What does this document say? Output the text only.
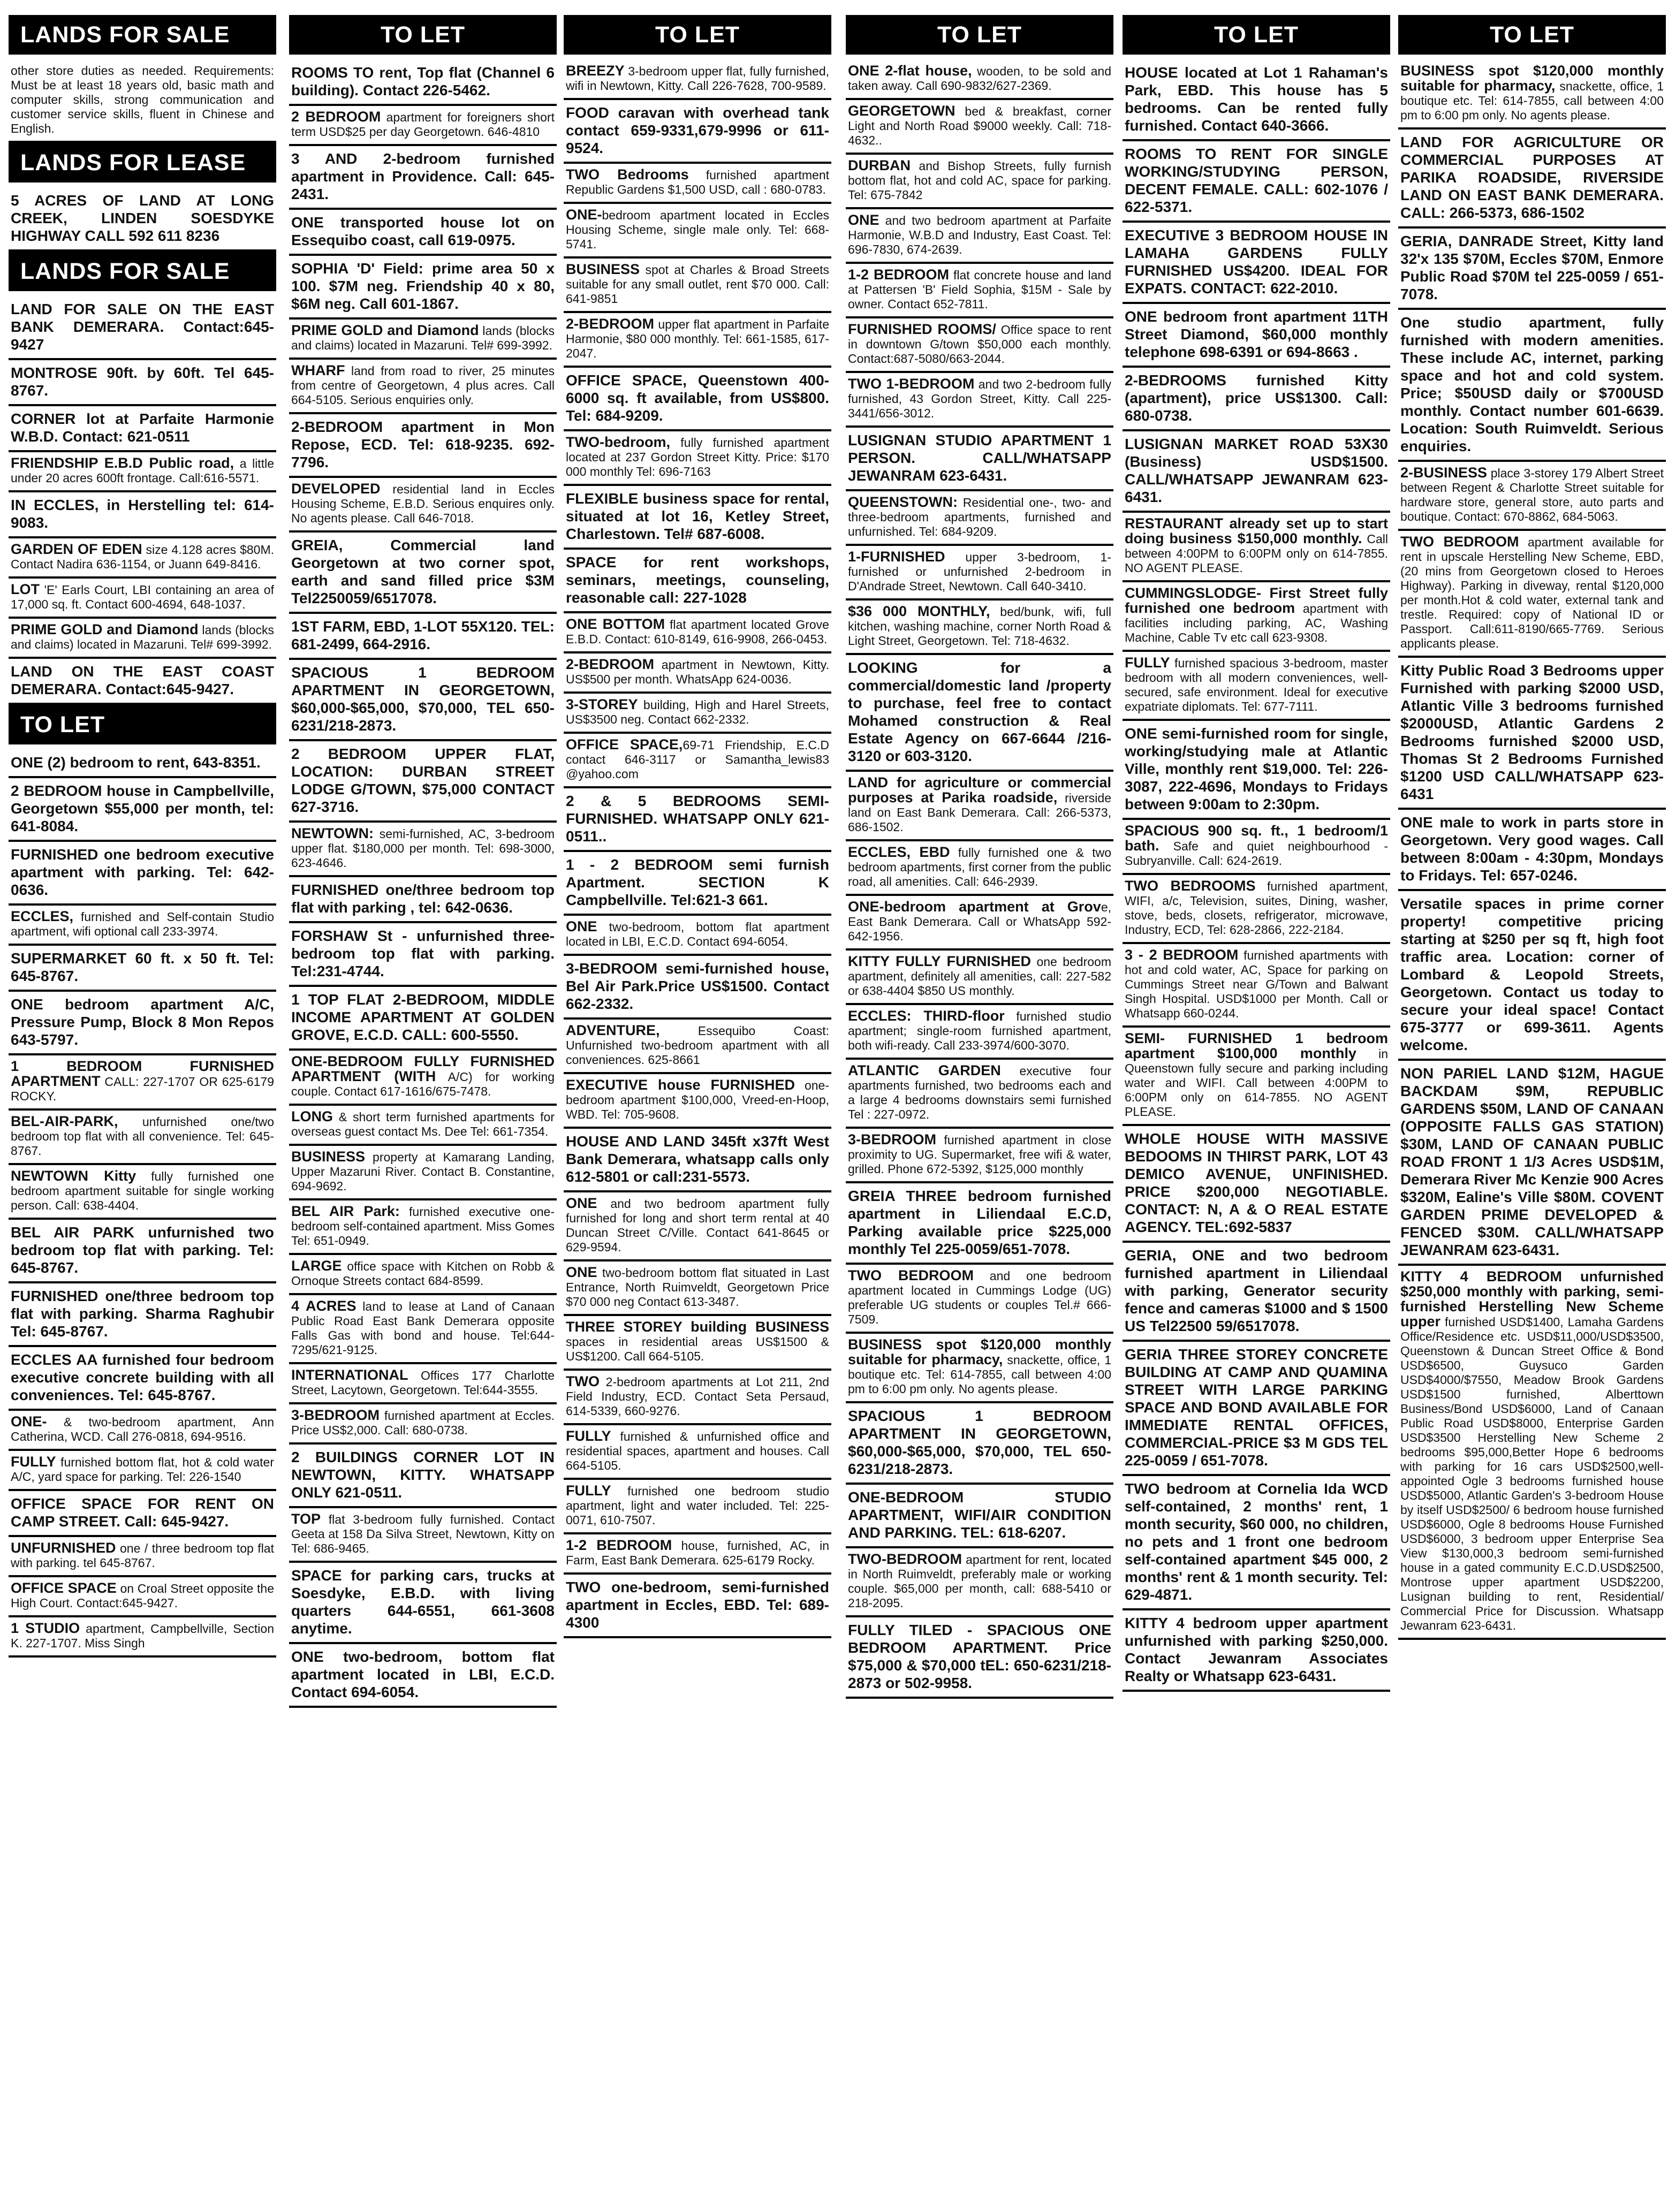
LANDS FOR SALE
other store duties as needed. Requirements: Must be at least 18 years old, basic math and computer skills, strong communication and customer service skills, fluent in Chinese and English.
LANDS FOR LEASE
5 ACRES OF LAND AT LONG CREEK, LINDEN SOESDYKE HIGHWAY CALL 592 611 8236
LANDS FOR SALE
LAND FOR SALE ON THE EAST BANK DEMERARA. Contact:645-9427
MONTROSE 90ft. by 60ft. Tel 645-8767.
CORNER lot at Parfaite Harmonie W.B.D. Contact: 621-0511
FRIENDSHIP E.B.D Public road, a little under 20 acres 600ft frontage. Call:616-5571.
IN ECCLES, in Herstelling tel: 614-9083.
GARDEN OF EDEN size 4.128 acres $80M. Contact Nadira 636-1154, or Juann 649-8416.
LOT 'E' Earls Court, LBI containing an area of 17,000 sq. ft. Contact 600-4694, 648-1037.
PRIME GOLD and Diamond lands (blocks and claims) located in Mazaruni. Tel# 699-3992.
LAND ON THE EAST COAST DEMERARA. Contact:645-9427.
TO LET
ONE (2) bedroom to rent, 643-8351.
2 BEDROOM house in Campbellville, Georgetown $55,000 per month, tel: 641-8084.
FURNISHED one bedroom executive apartment with parking. Tel: 642-0636.
ECCLES, furnished and Self-contain Studio apartment, wifi optional call 233-3974.
SUPERMARKET 60 ft. x 50 ft. Tel: 645-8767.
ONE bedroom apartment A/C, Pressure Pump, Block 8 Mon Repos 643-5797.
1 BEDROOM FURNISHED APARTMENT CALL: 227-1707 OR 625-6179 ROCKY.
BEL-AIR-PARK, unfurnished one/two bedroom top flat with all convenience. Tel: 645-8767.
NEWTOWN Kitty fully furnished one bedroom apartment suitable for single working person. Call: 638-4404.
BEL AIR PARK unfurnished two bedroom top flat with parking. Tel: 645-8767.
FURNISHED one/three bedroom top flat with parking. Sharma Raghubir Tel: 645-8767.
ECCLES AA furnished four bedroom executive concrete building with all conveniences. Tel: 645-8767.
ONE- & two-bedroom apartment, Ann Catherina, WCD. Call 276-0818, 694-9516.
FULLY furnished bottom flat, hot & cold water A/C, yard space for parking. Tel: 226-1540
OFFICE SPACE FOR RENT ON CAMP STREET. Call: 645-9427.
UNFURNISHED one / three bedroom top flat with parking. tel 645-8767.
OFFICE SPACE on Croal Street opposite the High Court. Contact:645-9427.
1 STUDIO apartment, Campbellville, Section K. 227-1707. Miss Singh
TO LET
ROOMS TO rent, Top flat (Channel 6 building). Contact 226-5462.
2 BEDROOM apartment for foreigners short term USD$25 per day Georgetown. 646-4810
3 AND 2-bedroom furnished apartment in Providence. Call: 645-2431.
ONE transported house lot on Essequibo coast, call 619-0975.
SOPHIA 'D' Field: prime area 50 x 100. $7M neg. Friendship 40 x 80, $6M neg. Call 601-1867.
PRIME GOLD and Diamond lands (blocks and claims) located in Mazaruni. Tel# 699-3992.
WHARF land from road to river, 25 minutes from centre of Georgetown, 4 plus acres. Call 664-5105. Serious enquiries only.
2-BEDROOM apartment in Mon Repose, ECD. Tel: 618-9235. 692-7796.
DEVELOPED residential land in Eccles Housing Scheme, E.B.D. Serious enquires only. No agents please. Call 646-7018.
GREIA, Commercial land Georgetown at two corner spot, earth and sand filled price $3M Tel2250059/6517078.
1ST FARM, EBD, 1-LOT 55X120. TEL: 681-2499, 664-2916.
SPACIOUS 1 BEDROOM APARTMENT IN GEORGETOWN, $60,000-$65,000, $70,000, TEL 650-6231/218-2873.
2 BEDROOM UPPER FLAT, LOCATION: DURBAN STREET LODGE G/TOWN, $75,000 CONTACT 627-3716.
NEWTOWN: semi-furnished, AC, 3-bedroom upper flat. $180,000 per month. Tel: 698-3000, 623-4646.
FURNISHED one/three bedroom top flat with parking , tel: 642-0636.
FORSHAW St - unfurnished three-bedroom top flat with parking. Tel:231-4744.
1 TOP FLAT 2-BEDROOM, MIDDLE INCOME APARTMENT AT GOLDEN GROVE, E.C.D. CALL: 600-5550.
ONE-BEDROOM FULLY FURNISHED APARTMENT (WITH A/C) for working couple. Contact 617-1616/675-7478.
LONG & short term furnished apartments for overseas guest contact Ms. Dee Tel: 661-7354.
BUSINESS property at Kamarang Landing, Upper Mazaruni River. Contact B. Constantine, 694-9692.
BEL AIR Park: furnished executive one-bedroom self-contained apartment. Miss Gomes Tel: 651-0949.
LARGE office space with Kitchen on Robb & Ornoque Streets contact 684-8599.
4 ACRES land to lease at Land of Canaan Public Road East Bank Demerara opposite Falls Gas with bond and house. Tel:644-7295/621-9125.
INTERNATIONAL Offices 177 Charlotte Street, Lacytown, Georgetown. Tel:644-3555.
3-BEDROOM furnished apartment at Eccles. Price US$2,000. Call: 680-0738.
2 BUILDINGS CORNER LOT IN NEWTOWN, KITTY. WHATSAPP ONLY 621-0511.
TOP flat 3-bedroom fully furnished. Contact Geeta at 158 Da Silva Street, Newtown, Kitty on Tel: 686-9465.
SPACE for parking cars, trucks at Soesdyke, E.B.D. with living quarters 644-6551, 661-3608 anytime.
ONE two-bedroom, bottom flat apartment located in LBI, E.C.D. Contact 694-6054.
TO LET
BREEZY 3-bedroom upper flat, fully furnished, wifi in Newtown, Kitty. Call 226-7628, 700-9589.
FOOD caravan with overhead tank contact 659-9331,679-9996 or 611-9524.
TWO Bedrooms furnished apartment Republic Gardens $1,500 USD, call : 680-0783.
ONE-bedroom apartment located in Eccles Housing Scheme, single male only. Tel: 668-5741.
BUSINESS spot at Charles & Broad Streets suitable for any small outlet, rent $70 000. Call: 641-9851
2-BEDROOM upper flat apartment in Parfaite Harmonie, $80 000 monthly. Tel: 661-1585, 617-2047.
OFFICE SPACE, Queenstown 400-6000 sq. ft available, from US$800. Tel: 684-9209.
TWO-bedroom, fully furnished apartment located at 237 Gordon Street Kitty. Price: $170 000 monthly Tel: 696-7163
FLEXIBLE business space for rental, situated at lot 16, Ketley Street, Charlestown. Tel# 687-6008.
SPACE for rent workshops, seminars, meetings, counseling, reasonable call: 227-1028
ONE BOTTOM flat apartment located Grove E.B.D. Contact: 610-8149, 616-9908, 266-0453.
2-BEDROOM apartment in Newtown, Kitty. US$500 per month. WhatsApp 624-0036.
3-STOREY building, High and Harel Streets, US$3500 neg. Contact 662-2332.
OFFICE SPACE,69-71 Friendship, E.C.D contact 646-3117 or Samantha_lewis83 @yahoo.com
2 & 5 BEDROOMS SEMI-FURNISHED. WHATSAPP ONLY 621-0511..
1 - 2 BEDROOM semi furnish Apartment. SECTION K Campbellville. Tel:621-3 661.
ONE two-bedroom, bottom flat apartment located in LBI, E.C.D. Contact 694-6054.
3-BEDROOM semi-furnished house, Bel Air Park.Price US$1500. Contact 662-2332.
ADVENTURE, Essequibo Coast: Unfurnished two-bedroom apartment with all conveniences. 625-8661
EXECUTIVE house FURNISHED one-bedroom apartment $100,000, Vreed-en-Hoop, WBD. Tel: 705-9608.
HOUSE AND LAND 345ft x37ft West Bank Demerara, whatsapp calls only 612-5801 or call:231-5573.
ONE and two bedroom apartment fully furnished for long and short term rental at 40 Duncan Street C/Ville. Contact 641-8645 or 629-9594.
ONE two-bedroom bottom flat situated in Last Entrance, North Ruimveldt, Georgetown Price $70 000 neg Contact 613-3487.
THREE STOREY building BUSINESS spaces in residential areas US$1500 & US$1200. Call 664-5105.
TWO 2-bedroom apartments at Lot 211, 2nd Field Industry, ECD. Contact Seta Persaud, 614-5339, 660-9276.
FULLY furnished & unfurnished office and residential spaces, apartment and houses. Call 664-5105.
FULLY furnished one bedroom studio apartment, light and water included. Tel: 225-0071, 610-7507.
1-2 BEDROOM house, furnished, AC, in Farm, East Bank Demerara. 625-6179 Rocky.
TWO one-bedroom, semi-furnished apartment in Eccles, EBD. Tel: 689-4300
TO LET
ONE 2-flat house, wooden, to be sold and taken away. Call 690-9832/627-2369.
GEORGETOWN bed & breakfast, corner Light and North Road $9000 weekly. Call: 718-4632..
DURBAN and Bishop Streets, fully furnish bottom flat, hot and cold AC, space for parking. Tel: 675-7842
ONE and two bedroom apartment at Parfaite Harmonie, W.B.D and Industry, East Coast. Tel: 696-7830, 674-2639.
1-2 BEDROOM flat concrete house and land at Pattersen 'B' Field Sophia, $15M - Sale by owner. Contact 652-7811.
FURNISHED ROOMS/ Office space to rent in downtown G/town $50,000 each monthly. Contact:687-5080/663-2044.
TWO 1-BEDROOM and two 2-bedroom fully furnished, 43 Gordon Street, Kitty. Call 225- 3441/656-3012.
LUSIGNAN STUDIO APARTMENT 1 PERSON. CALL/WHATSAPP JEWANRAM 623-6431.
QUEENSTOWN: Residential one-, two- and three-bedroom apartments, furnished and unfurnished. Tel: 684-9209.
1-FURNISHED upper 3-bedroom, 1-furnished or unfurnished 2-bedroom in D'Andrade Street, Newtown. Call 640-3410.
$36 000 MONTHLY, bed/bunk, wifi, full kitchen, washing machine, corner North Road & Light Street, Georgetown. Tel: 718-4632.
LOOKING for a commercial/domestic land /property to purchase, feel free to contact Mohamed construction & Real Estate Agency on 667-6644 /216-3120 or 603-3120.
LAND for agriculture or commercial purposes at Parika roadside, riverside land on East Bank Demerara. Call: 266-5373, 686-1502.
ECCLES, EBD fully furnished one & two bedroom apartments, first corner from the public road, all amenities. Call: 646-2939.
ONE-bedroom apartment at Grove, East Bank Demerara. Call or WhatsApp 592-642-1956.
KITTY FULLY FURNISHED one bedroom apartment, definitely all amenities, call: 227-582 or 638-4404 $850 US monthly.
ECCLES: THIRD-floor furnished studio apartment; single-room furnished apartment, both wifi-ready. Call 233-3974/600-3070.
ATLANTIC GARDEN executive four apartments furnished, two bedrooms each and a large 4 bedrooms downstairs semi furnished Tel : 227-0972.
3-BEDROOM furnished apartment in close proximity to UG. Supermarket, free wifi & water, grilled. Phone 672-5392, $125,000 monthly
GREIA THREE bedroom furnished apartment in Liliendaal E.C.D, Parking available price $225,000 monthly Tel 225-0059/651-7078.
TWO BEDROOM and one bedroom apartment located in Cummings Lodge (UG) preferable UG students or couples Tel.# 666-7509.
BUSINESS spot $120,000 monthly suitable for pharmacy, snackette, office, 1 boutique etc. Tel: 614-7855, call between 4:00 pm to 6:00 pm only. No agents please.
SPACIOUS 1 BEDROOM APARTMENT IN GEORGETOWN, $60,000-$65,000, $70,000, TEL 650-6231/218-2873.
ONE-BEDROOM STUDIO APARTMENT, WIFI/AIR CONDITION AND PARKING. TEL: 618-6207.
TWO-BEDROOM apartment for rent, located in North Ruimveldt, preferably male or working couple. $65,000 per month, call: 688-5410 or 218-2095.
FULLY TILED - SPACIOUS ONE BEDROOM APARTMENT. Price $75,000 & $70,000 tEL: 650-6231/218-2873 or 502-9958.
TO LET
HOUSE located at Lot 1 Rahaman's Park, EBD. This house has 5 bedrooms. Can be rented fully furnished. Contact 640-3666.
ROOMS TO RENT FOR SINGLE WORKING/STUDYING PERSON, DECENT FEMALE. CALL: 602-1076 / 622-5371.
EXECUTIVE 3 BEDROOM HOUSE IN LAMAHA GARDENS FULLY FURNISHED US$4200. IDEAL FOR EXPATS. CONTACT: 622-2010.
ONE bedroom front apartment 11TH Street Diamond, $60,000 monthly telephone 698-6391 or 694-8663 .
2-BEDROOMS furnished Kitty (apartment), price US$1300. Call: 680-0738.
LUSIGNAN MARKET ROAD 53X30 (Business) USD$1500. CALL/WHATSAPP JEWANRAM 623-6431.
RESTAURANT already set up to start doing business $150,000 monthly. Call between 4:00PM to 6:00PM only on 614-7855. NO AGENT PLEASE.
CUMMINGSLODGE- First Street fully furnished one bedroom apartment with facilities including parking, AC, Washing Machine, Cable Tv etc call 623-9308.
FULLY furnished spacious 3-bedroom, master bedroom with all modern conveniences, well-secured, safe environment. Ideal for executive expatriate diplomats. Tel: 677-7111.
ONE semi-furnished room for single, working/studying male at Atlantic Ville, monthly rent $19,000. Tel: 226-3087, 222-4696, Mondays to Fridays between 9:00am to 2:30pm.
SPACIOUS 900 sq. ft., 1 bedroom/1 bath. Safe and quiet neighbourhood - Subryanville. Call: 624-2619.
TWO BEDROOMS furnished apartment, WIFI, a/c, Television, suites, Dining, washer, stove, beds, closets, refrigerator, microwave, Industry, ECD, Tel: 628-2866, 222-2184.
3 - 2 BEDROOM furnished apartments with hot and cold water, AC, Space for parking on Cummings Street near G/Town and Balwant Singh Hospital. USD$1000 per Month. Call or Whatsapp 660-0244.
SEMI- FURNISHED 1 bedroom apartment $100,000 monthly in Queenstown fully secure and parking including water and WIFI. Call between 4:00PM to 6:00PM only on 614-7855. NO AGENT PLEASE.
WHOLE HOUSE WITH MASSIVE BEDOOMS IN THIRST PARK, LOT 43 DEMICO AVENUE, UNFINISHED. PRICE $200,000 NEGOTIABLE. CONTACT: N, A & O REAL ESTATE AGENCY. TEL:692-5837
GERIA, ONE and two bedroom furnished apartment in Liliendaal with parking, Generator security fence and cameras $1000 and $ 1500 US Tel22500 59/6517078.
GERIA THREE STOREY CONCRETE BUILDING AT CAMP AND QUAMINA STREET WITH LARGE PARKING SPACE AND BOND AVAILABLE FOR IMMEDIATE RENTAL OFFICES, COMMERCIAL-PRICE $3 M GDS TEL 225-0059 / 651-7078.
TWO bedroom at Cornelia Ida WCD self-contained, 2 months' rent, 1 month security, $60 000, no children, no pets and 1 front one bedroom self-contained apartment $45 000, 2 months' rent & 1 month security. Tel: 629-4871.
KITTY 4 bedroom upper apartment unfurnished with parking $250,000. Contact Jewanram Associates Realty or Whatsapp 623-6431.
TO LET
BUSINESS spot $120,000 monthly suitable for pharmacy, snackette, office, 1 boutique etc. Tel: 614-7855, call between 4:00 pm to 6:00 pm only. No agents please.
LAND FOR AGRICULTURE OR COMMERCIAL PURPOSES AT PARIKA ROADSIDE, RIVERSIDE LAND ON EAST BANK DEMERARA. CALL: 266-5373, 686-1502
GERIA, DANRADE Street, Kitty land 32'x 135 $70M, Eccles $70M, Enmore Public Road $70M tel 225-0059 / 651-7078.
One studio apartment, fully furnished with modern amenities. These include AC, internet, parking space and hot and cold system. Price; $50USD daily or $700USD monthly. Contact number 601-6639. Location: South Ruimveldt. Serious enquiries.
2-BUSINESS place 3-storey 179 Albert Street between Regent & Charlotte Street suitable for hardware store, general store, auto parts and boutique. Contact: 670-8862, 684-5063.
TWO BEDROOM apartment available for rent in upscale Herstelling New Scheme, EBD, (20 mins from Georgetown closed to Heroes Highway). Parking in diveway, rental $120,000 per month.Hot & cold water, external tank and trestle. Required: copy of National ID or Passport. Call:611-8190/665-7769. Serious applicants please.
Kitty Public Road 3 Bedrooms upper Furnished with parking $2000 USD, Atlantic Ville 3 bedrooms furnished $2000USD, Atlantic Gardens 2 Bedrooms furnished $2000 USD, Thomas St 2 Bedrooms Furnished $1200 USD CALL/WHATSAPP 623-6431
ONE male to work in parts store in Georgetown. Very good wages. Call between 8:00am - 4:30pm, Mondays to Fridays. Tel: 657-0246.
Versatile spaces in prime corner property! competitive pricing starting at $250 per sq ft, high foot traffic area. Location: corner of Lombard & Leopold Streets, Georgetown. Contact us today to secure your ideal space! Contact 675-3777 or 699-3611. Agents welcome.
NON PARIEL LAND $12M, HAGUE BACKDAM $9M, REPUBLIC GARDENS $50M, LAND OF CANAAN (OPPOSITE FALLS GAS STATION) $30M, LAND OF CANAAN PUBLIC ROAD FRONT 1 1/3 Acres USD$1M, Demerara River Mc Kenzie 900 Acres $320M, Ealine's Ville $80M. COVENT GARDEN PRIME DEVELOPED & FENCED $30M. CALL/WHATSAPP JEWANRAM 623-6431.
KITTY 4 BEDROOM unfurnished $250,000 monthly with parking, semi-furnished Herstelling New Scheme upper furnished USD$1400, Lamaha Gardens Office/Residence etc. USD$11,000/USD$3500, Queenstown & Duncan Street Office & Bond USD$6500, Guysuco Garden USD$4000/$7550, Meadow Brook Gardens USD$1500 furnished, Alberttown Business/Bond USD$6000, Land of Canaan Public Road USD$8000, Enterprise Garden USD$3500 Herstelling New Scheme 2 bedrooms $95,000,Better Hope 6 bedrooms with parking for 16 cars USD$2500,well-appointed Ogle 3 bedrooms furnished house USD$5000, Atlantic Garden's 3-bedroom House by itself USD$2500/ 6 bedroom house furnished USD$6000, Ogle 8 bedrooms House Furnished USD$6000, 3 bedroom upper Enterprise Sea View $130,000,3 bedroom semi-furnished house in a gated community E.C.D.USD$2500, Montrose upper apartment USD$2200, Lusignan building to rent, Residential/ Commercial Price for Discussion. Whatsapp Jewanram 623-6431.
